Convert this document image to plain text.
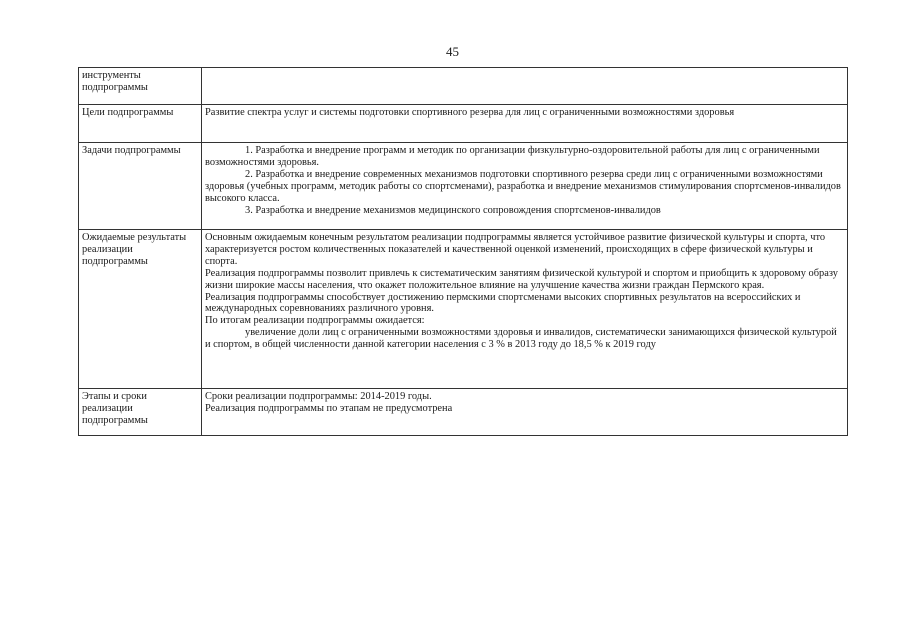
45
инструменты подпрограммы	
Цели подпрограммы	Развитие спектра услуг и системы подготовки спортивного резерва для лиц с ограниченными возможностями здоровья

Задачи подпрограммы	1. Разработка и внедрение программ и методик по организации физкультурно-оздоровительной работы для лиц с ограниченными возможностями здоровья.
2. Разработка и внедрение современных механизмов подготовки спортивного резерва среди лиц с ограниченными возможностями здоровья (учебных программ, методик работы со спортсменами), разработка и внедрение механизмов стимулирования спортсменов-инвалидов высокого класса.
3. Разработка и внедрение механизмов медицинского сопровождения спортсменов-инвалидов

Ожидаемые результаты реализации подпрограммы	Основным ожидаемым конечным результатом реализации подпрограммы является устойчивое развитие физической культуры и спорта, что характеризуется ростом количественных показателей и качественной оценкой изменений, происходящих в сфере физической культуры и спорта.
Реализация подпрограммы позволит привлечь к систематическим занятиям физической культурой и спортом и приобщить к здоровому образу жизни широкие массы населения, что окажет положительное влияние на улучшение качества жизни граждан Пермского края.
Реализация подпрограммы способствует достижению пермскими спортсменами высоких спортивных результатов на всероссийских и международных соревнованиях различного уровня.
По итогам реализации подпрограммы ожидается:
увеличение доли лиц с ограниченными возможностями здоровья и инвалидов, систематически занимающихся физической культурой и спортом, в общей численности данной категории населения с 3 % в 2013 году до 18,5 % к 2019 году

Этапы и сроки реализации подпрограммы	Сроки реализации подпрограммы: 2014-2019 годы.
Реализация подпрограммы по этапам не предусмотрена
